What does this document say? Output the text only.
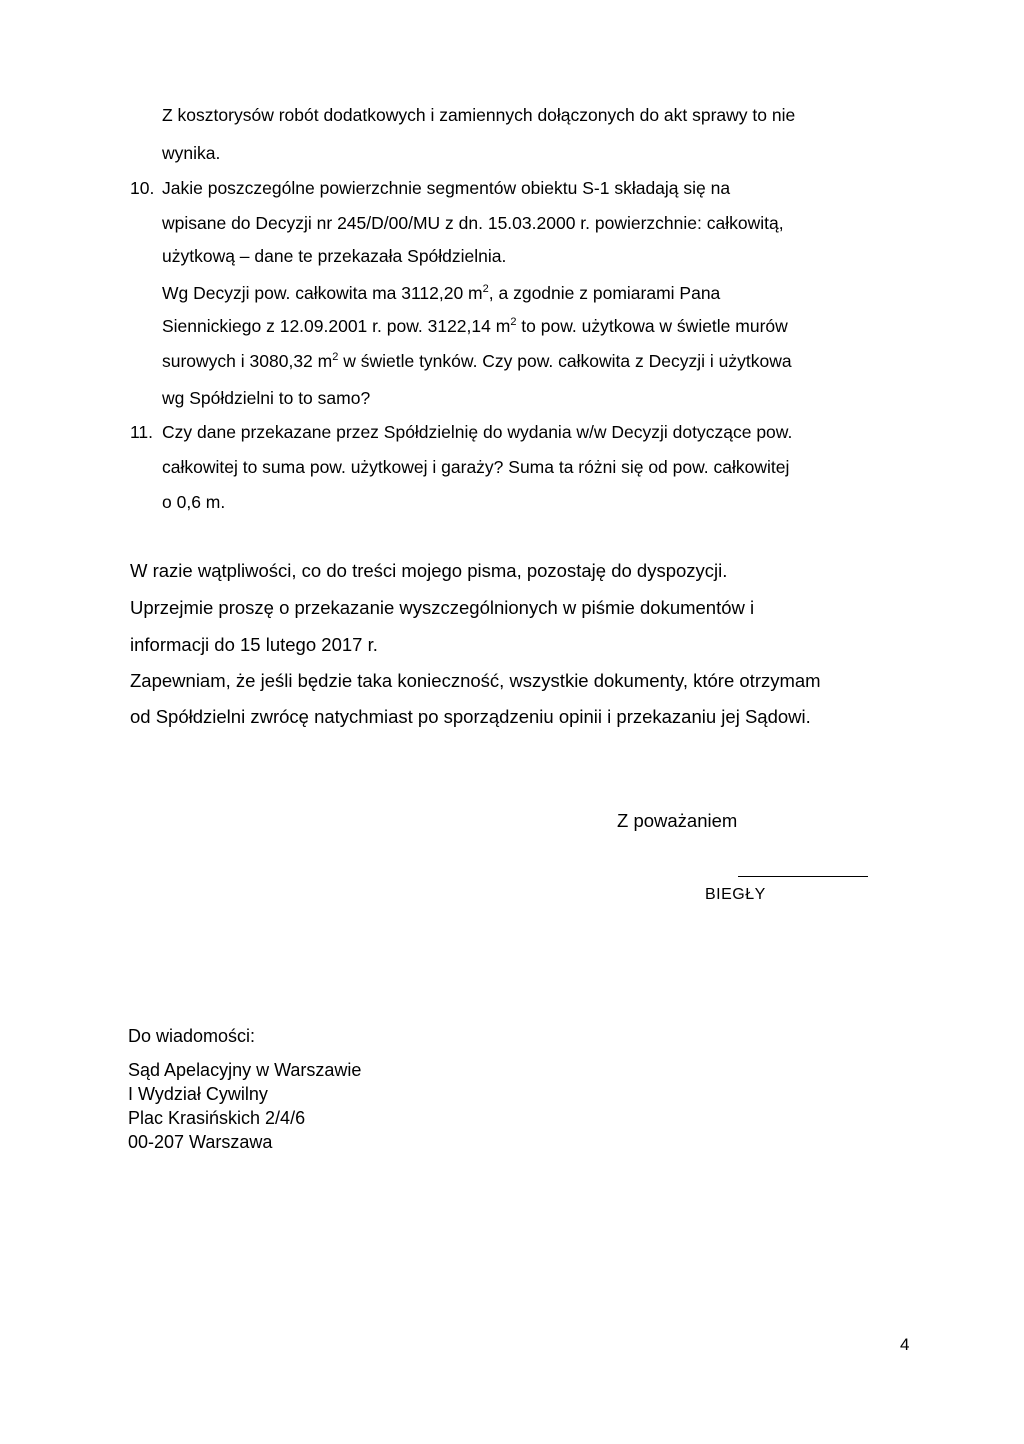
Z kosztorysów robót dodatkowych i zamiennych dołączonych do akt sprawy to nie
wynika.
10. Jakie poszczególne powierzchnie segmentów obiektu S-1 składają się na
wpisane do Decyzji nr 245/D/00/MU z dn. 15.03.2000 r. powierzchnie: całkowitą,
użytkową – dane te przekazała Spółdzielnia.
Wg Decyzji pow. całkowita ma 3112,20 $m^2$, a zgodnie z pomiarami Pana
Siennickiego z 12.09.2001 r. pow. 3122,14 $m^2$ to pow. użytkowa w świetle murów
surowych i 3080,32 $m^2$ w świetle tynków. Czy pow. całkowita z Decyzji i użytkowa
wg Spółdzielni to to samo?
11. Czy dane przekazane przez Spółdzielnię do wydania w/w Decyzji dotyczące pow.
całkowitej to suma pow. użytkowej i garaży? Suma ta różni się od pow. całkowitej
o 0,6 m.
W razie wątpliwości, co do treści mojego pisma, pozostaję do dyspozycji.
Uprzejmie proszę o przekazanie wyszczególnionych w piśmie dokumentów i
informacji do 15 lutego 2017 r.
Zapewniam, że jeśli będzie taka konieczność, wszystkie dokumenty, które otrzymam
od Spółdzielni zwrócę natychmiast po sporządzeniu opinii i przekazaniu jej Sądowi.
Z poważaniem
BIEGŁY
Do wiadomości:
Sąd Apelacyjny w Warszawie
I Wydział Cywilny
Plac Krasińskich 2/4/6
00-207 Warszawa
4
